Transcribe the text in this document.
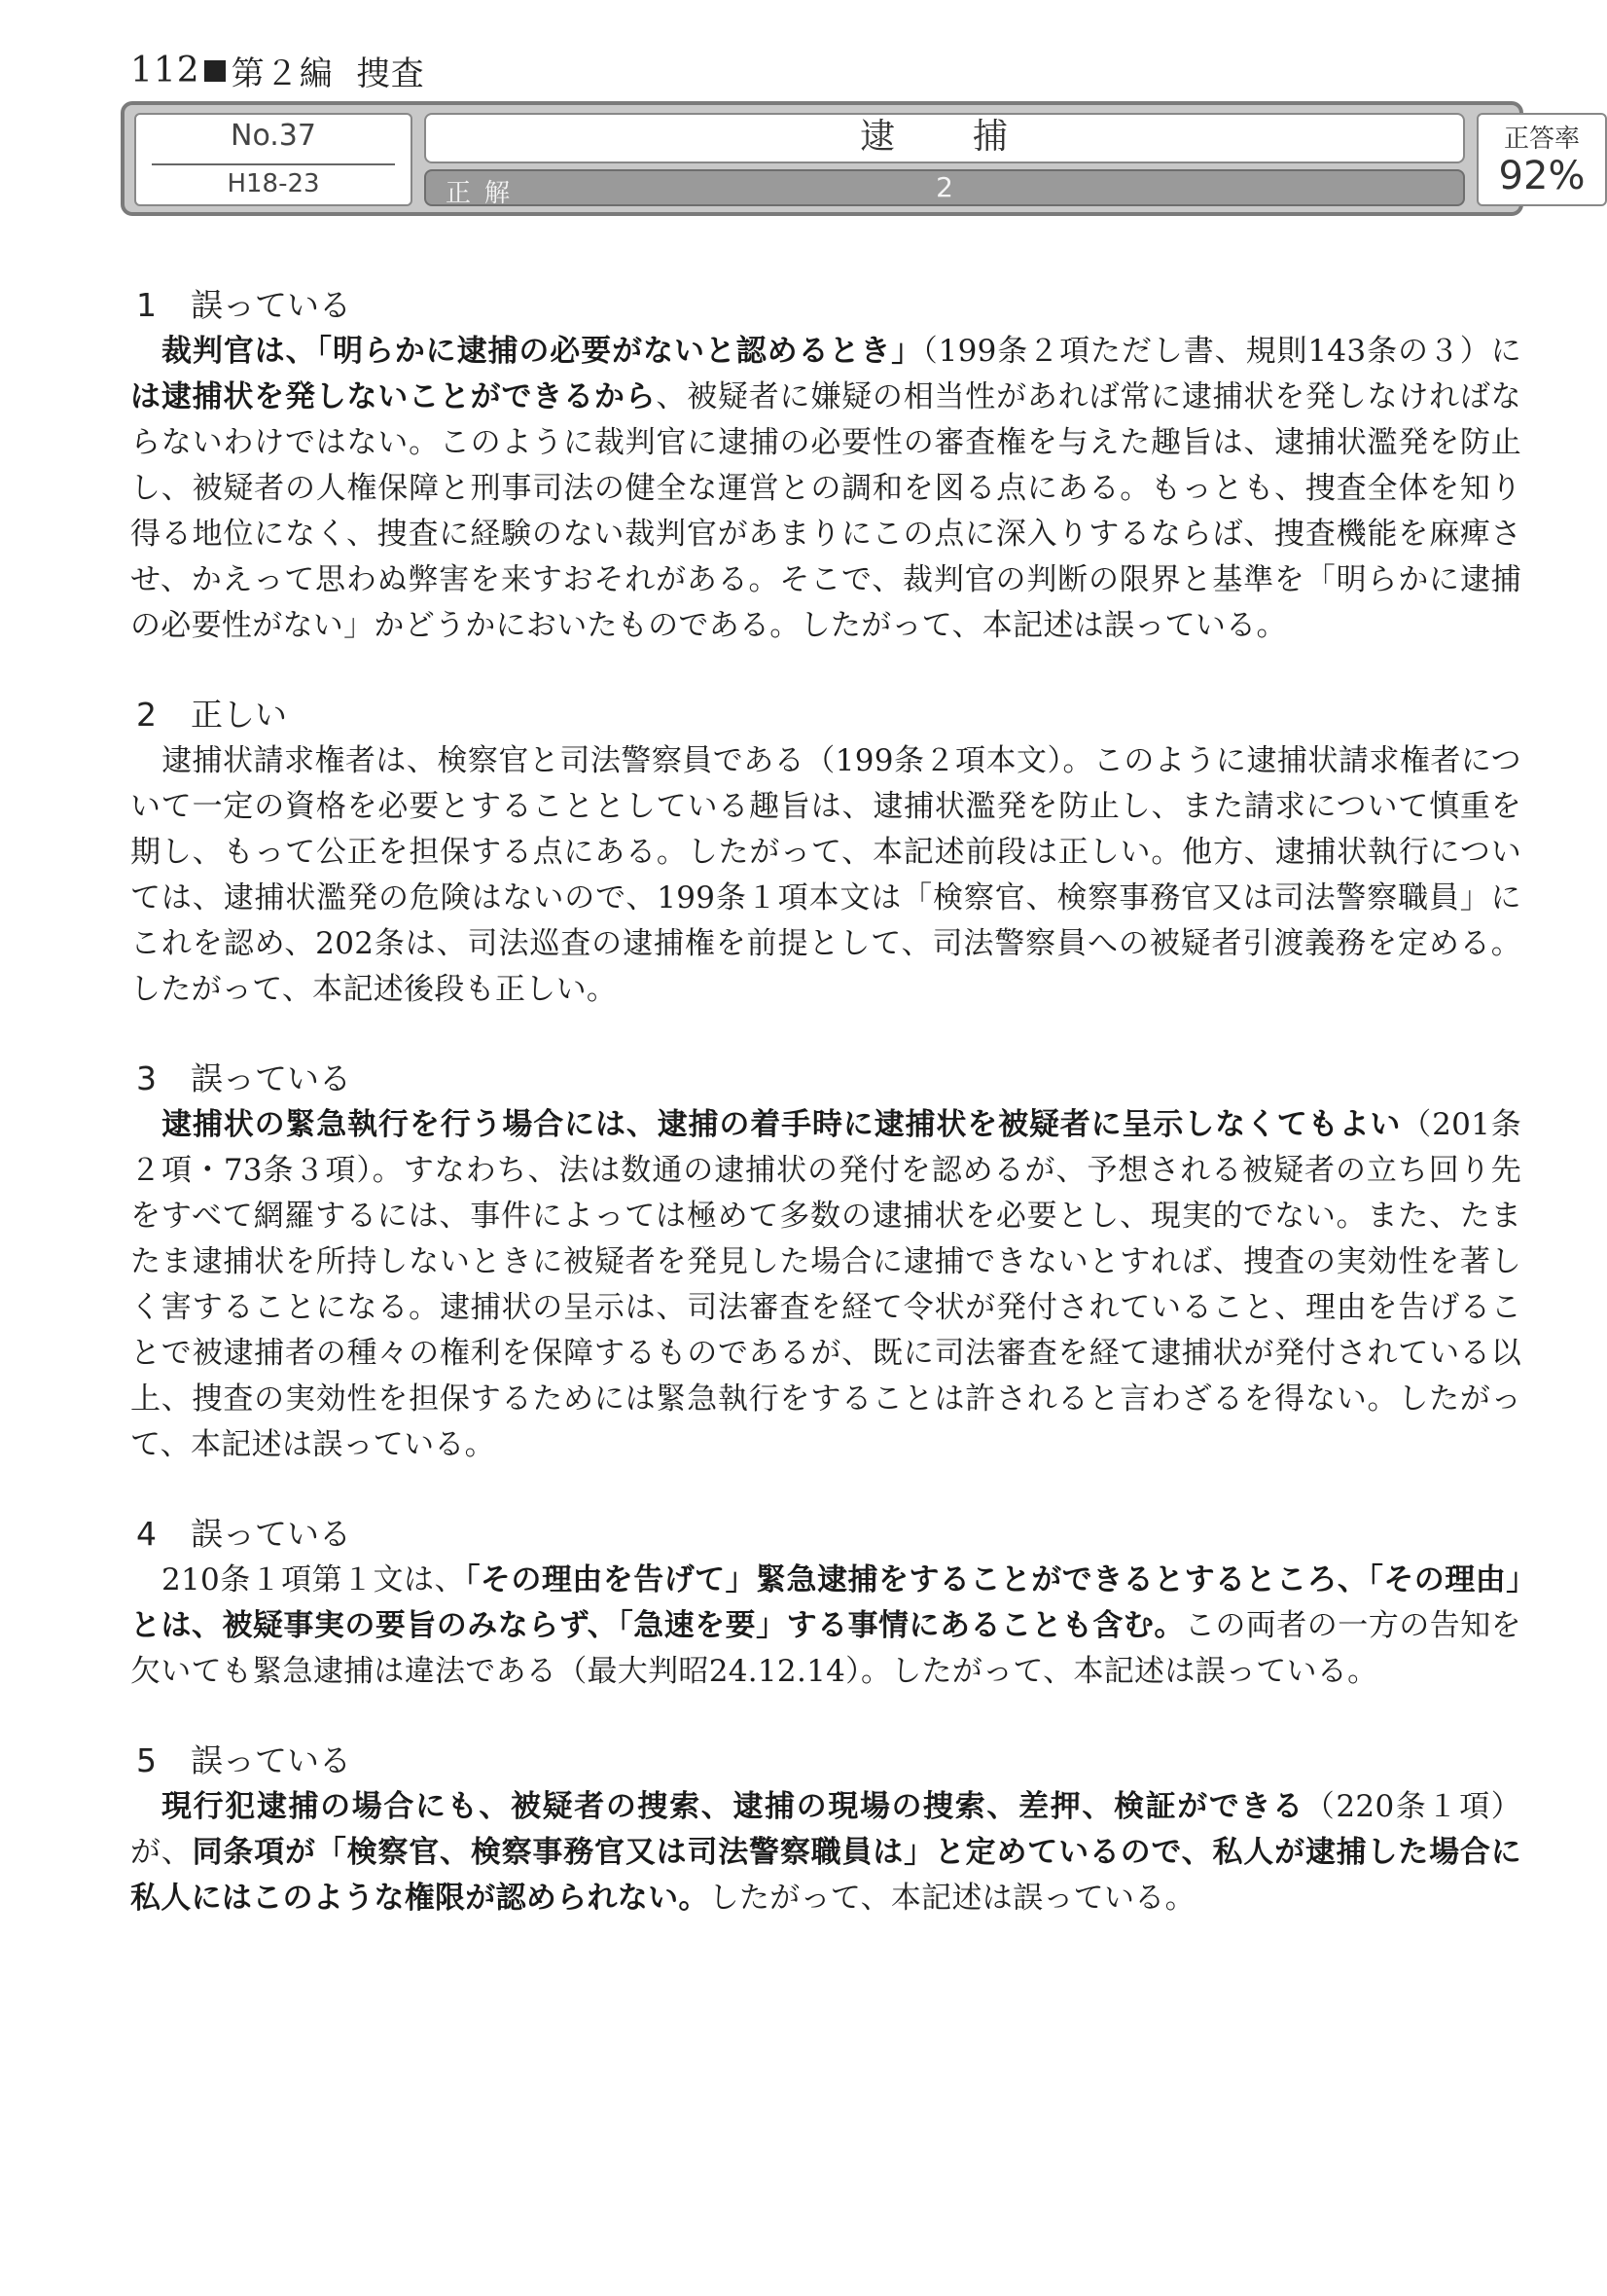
112 第２編 捜査
No.37
H18-23
逮　捕
正解	2
正答率
92%
1 誤っている
裁判官は、「明らかに逮捕の必要がないと認めるとき」（199条２項ただし書、規則143条の３）には逮捕状を発しないことができるから、被疑者に嫌疑の相当性があれば常に逮捕状を発しなければならないわけではない。このように裁判官に逮捕の必要性の審査権を与えた趣旨は、逮捕状濫発を防止し、被疑者の人権保障と刑事司法の健全な運営との調和を図る点にある。もっとも、捜査全体を知り得る地位になく、捜査に経験のない裁判官があまりにこの点に深入りするならば、捜査機能を麻痺させ、かえって思わぬ弊害を来すおそれがある。そこで、裁判官の判断の限界と基準を「明らかに逮捕の必要性がない」かどうかにおいたものである。したがって、本記述は誤っている。
2 正しい
逮捕状請求権者は、検察官と司法警察員である（199条２項本文）。このように逮捕状請求権者について一定の資格を必要とすることとしている趣旨は、逮捕状濫発を防止し、また請求について慎重を期し、もって公正を担保する点にある。したがって、本記述前段は正しい。他方、逮捕状執行については、逮捕状濫発の危険はないので、199条１項本文は「検察官、検察事務官又は司法警察職員」にこれを認め、202条は、司法巡査の逮捕権を前提として、司法警察員への被疑者引渡義務を定める。したがって、本記述後段も正しい。
3 誤っている
逮捕状の緊急執行を行う場合には、逮捕の着手時に逮捕状を被疑者に呈示しなくてもよい（201条２項・73条３項）。すなわち、法は数通の逮捕状の発付を認めるが、予想される被疑者の立ち回り先をすべて網羅するには、事件によっては極めて多数の逮捕状を必要とし、現実的でない。また、たまたま逮捕状を所持しないときに被疑者を発見した場合に逮捕できないとすれば、捜査の実効性を著しく害することになる。逮捕状の呈示は、司法審査を経て令状が発付されていること、理由を告げることで被逮捕者の種々の権利を保障するものであるが、既に司法審査を経て逮捕状が発付されている以上、捜査の実効性を担保するためには緊急執行をすることは許されると言わざるを得ない。したがって、本記述は誤っている。
4 誤っている
210条１項第１文は、「その理由を告げて」緊急逮捕をすることができるとするところ、「その理由」とは、被疑事実の要旨のみならず、「急速を要」する事情にあることも含む。この両者の一方の告知を欠いても緊急逮捕は違法である（最大判昭24.12.14）。したがって、本記述は誤っている。
5 誤っている
現行犯逮捕の場合にも、被疑者の捜索、逮捕の現場の捜索、差押、検証ができる（220条１項）が、同条項が「検察官、検察事務官又は司法警察職員は」と定めているので、私人が逮捕した場合に私人にはこのような権限が認められない。したがって、本記述は誤っている。
